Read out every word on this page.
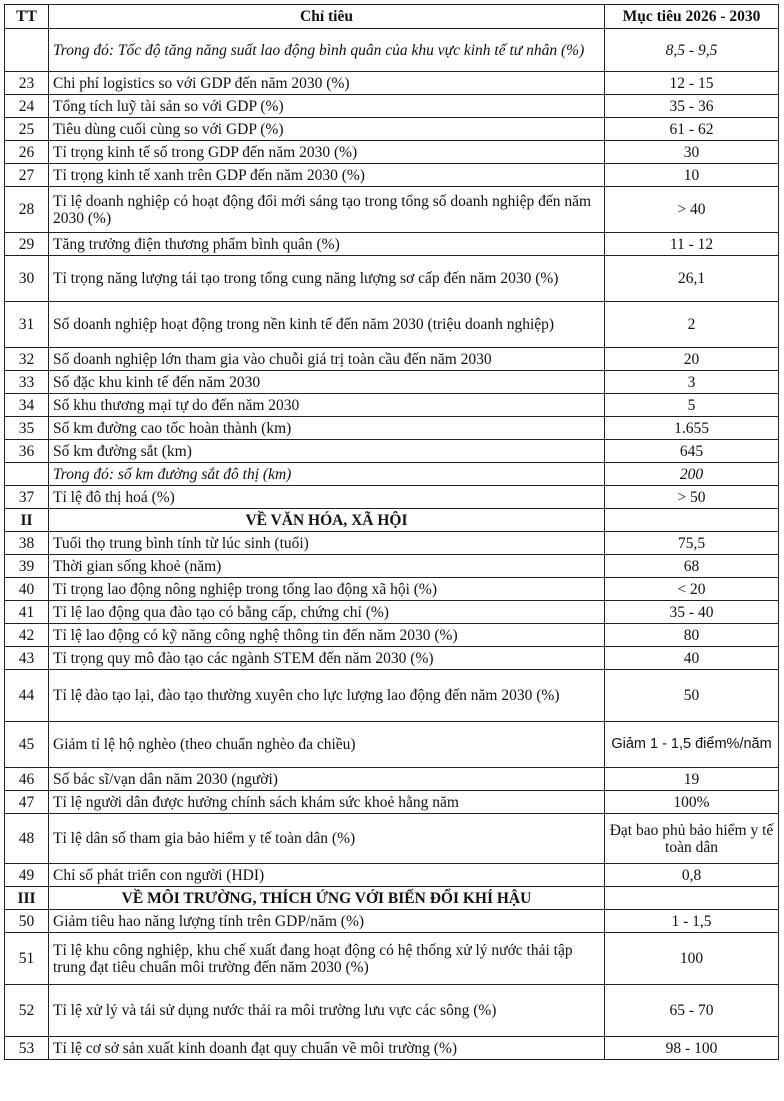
TT	Chỉ tiêu	Mục tiêu 2026 - 2030
	Trong đó: Tốc độ tăng năng suất lao động bình quân của khu vực kinh tế tư nhân (%)	8,5 - 9,5
23	Chi phí logistics so với GDP đến năm 2030 (%)	12 - 15
24	Tổng tích luỹ tài sản so với GDP (%)	35 - 36
25	Tiêu dùng cuối cùng so với GDP (%)	61 - 62
26	Tỉ trọng kinh tế số trong GDP đến năm 2030 (%)	30
27	Tỉ trọng kinh tế xanh trên GDP đến năm 2030 (%)	10
28	Tỉ lệ doanh nghiệp có hoạt động đổi mới sáng tạo trong tổng số doanh nghiệp đến năm 2030 (%)	> 40
29	Tăng trưởng điện thương phẩm bình quân (%)	11 - 12
30	Tỉ trọng năng lượng tái tạo trong tổng cung năng lượng sơ cấp đến năm 2030 (%)	26,1
31	Số doanh nghiệp hoạt động trong nền kinh tế đến năm 2030 (triệu doanh nghiệp)	2
32	Số doanh nghiệp lớn tham gia vào chuỗi giá trị toàn cầu đến năm 2030	20
33	Số đặc khu kinh tế đến năm 2030	3
34	Số khu thương mại tự do đến năm 2030	5
35	Số km đường cao tốc hoàn thành (km)	1.655
36	Số km đường sắt (km)	645
	Trong đó: số km đường sắt đô thị (km)	200
37	Tỉ lệ đô thị hoá (%)	> 50
II	VỀ VĂN HÓA, XÃ HỘI	
38	Tuổi thọ trung bình tính từ lúc sinh (tuổi)	75,5
39	Thời gian sống khoẻ (năm)	68
40	Tỉ trọng lao động nông nghiệp trong tổng lao động xã hội (%)	< 20
41	Tỉ lệ lao động qua đào tạo có bằng cấp, chứng chỉ (%)	35 - 40
42	Tỉ lệ lao động có kỹ năng công nghệ thông tin đến năm 2030 (%)	80
43	Tỉ trọng quy mô đào tạo các ngành STEM đến năm 2030 (%)	40
44	Tỉ lệ đào tạo lại, đào tạo thường xuyên cho lực lượng lao động đến năm 2030 (%)	50
45	Giảm tỉ lệ hộ nghèo (theo chuẩn nghèo đa chiều)	Giảm 1 - 1,5 điểm%/năm
46	Số bác sĩ/vạn dân năm 2030 (người)	19
47	Tỉ lệ người dân được hưởng chính sách khám sức khoẻ hằng năm	100%
48	Tỉ lệ dân số tham gia bảo hiểm y tế toàn dân (%)	Đạt bao phủ bảo hiểm y tế toàn dân
49	Chỉ số phát triển con người (HDI)	0,8
III	VỀ MÔI TRƯỜNG, THÍCH ỨNG VỚI BIẾN ĐỔI KHÍ HẬU	
50	Giảm tiêu hao năng lượng tính trên GDP/năm (%)	1 - 1,5
51	Tỉ lệ khu công nghiệp, khu chế xuất đang hoạt động có hệ thống xử lý nước thải tập trung đạt tiêu chuẩn môi trường đến năm 2030 (%)	100
52	Tỉ lệ xử lý và tái sử dụng nước thải ra môi trường lưu vực các sông (%)	65 - 70
53	Tỉ lệ cơ sở sản xuất kinh doanh đạt quy chuẩn về môi trường (%)	98 - 100
